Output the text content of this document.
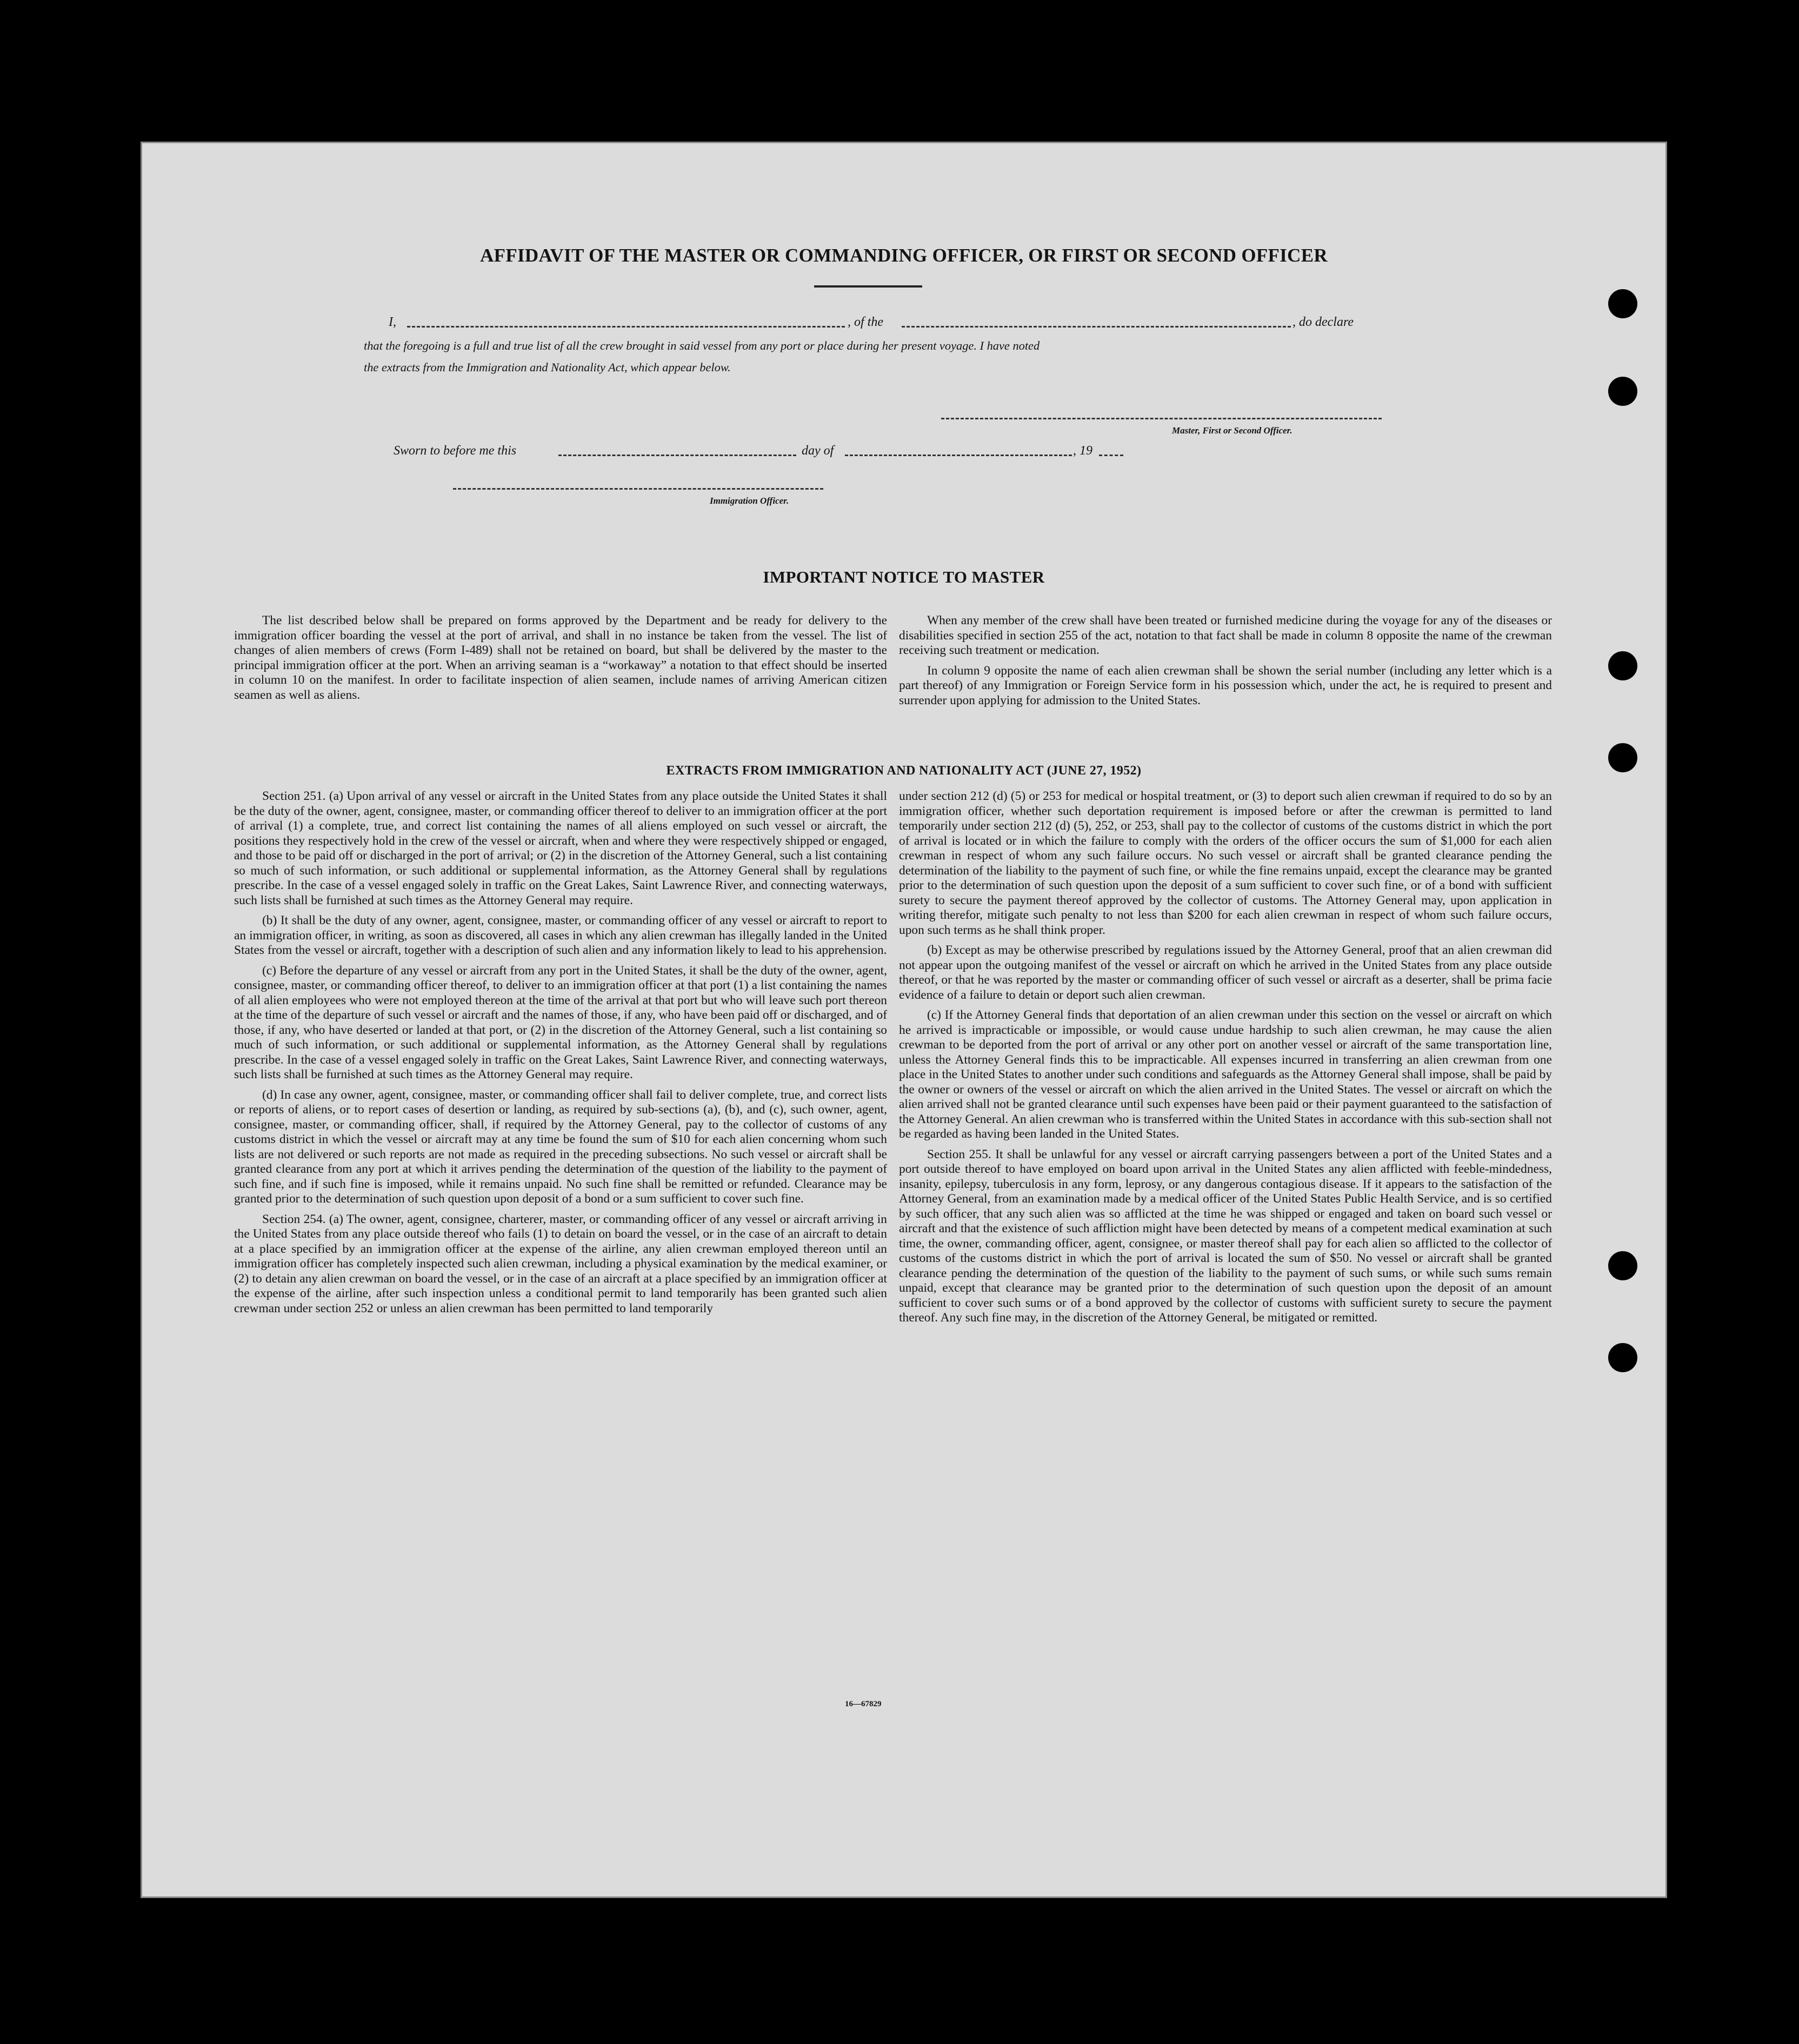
AFFIDAVIT OF THE MASTER OR COMMANDING OFFICER, OR FIRST OR SECOND OFFICER
I,	, of the	, do declare
that the foregoing is a full and true list of all the crew brought in said vessel from any port or place during her present voyage. I have noted
the extracts from the Immigration and Nationality Act, which appear below.
Master, First or Second Officer.
Sworn to before me this	day of	, 19
Immigration Officer.
IMPORTANT NOTICE TO MASTER

The list described below shall be prepared on forms approved by the Department and be ready for delivery to the immigration officer boarding the vessel at the port of arrival, and shall in no instance be taken from the vessel. The list of changes of alien members of crews (Form I-489) shall not be retained on board, but shall be delivered by the master to the principal immigration officer at the port. When an arriving seaman is a “workaway” a notation to that effect should be inserted in column 10 on the manifest. In order to facilitate inspection of alien seamen, include names of arriving American citizen seamen as well as aliens.

When any member of the crew shall have been treated or furnished medicine during the voyage for any of the diseases or disabilities specified in section 255 of the act, notation to that fact shall be made in column 8 opposite the name of the crewman receiving such treatment or medication.

In column 9 opposite the name of each alien crewman shall be shown the serial number (including any letter which is a part thereof) of any Immigration or Foreign Service form in his possession which, under the act, he is required to present and surrender upon applying for admission to the United States.

EXTRACTS FROM IMMIGRATION AND NATIONALITY ACT (JUNE 27, 1952)

Section 251. (a) Upon arrival of any vessel or aircraft in the United States from any place outside the United States it shall be the duty of the owner, agent, consignee, master, or commanding officer thereof to deliver to an immigration officer at the port of arrival (1) a complete, true, and correct list containing the names of all aliens employed on such vessel or aircraft, the positions they respectively hold in the crew of the vessel or aircraft, when and where they were respectively shipped or engaged, and those to be paid off or discharged in the port of arrival; or (2) in the discretion of the Attorney General, such a list containing so much of such information, or such additional or supplemental information, as the Attorney General shall by regulations prescribe. In the case of a vessel engaged solely in traffic on the Great Lakes, Saint Lawrence River, and connecting waterways, such lists shall be furnished at such times as the Attorney General may require.

(b) It shall be the duty of any owner, agent, consignee, master, or commanding officer of any vessel or aircraft to report to an immigration officer, in writing, as soon as discovered, all cases in which any alien crewman has illegally landed in the United States from the vessel or aircraft, together with a description of such alien and any information likely to lead to his apprehension.

(c) Before the departure of any vessel or aircraft from any port in the United States, it shall be the duty of the owner, agent, consignee, master, or commanding officer thereof, to deliver to an immigration officer at that port (1) a list containing the names of all alien employees who were not employed thereon at the time of the arrival at that port but who will leave such port thereon at the time of the departure of such vessel or aircraft and the names of those, if any, who have been paid off or discharged, and of those, if any, who have deserted or landed at that port, or (2) in the discretion of the Attorney General, such a list containing so much of such information, or such additional or supplemental information, as the Attorney General shall by regulations prescribe. In the case of a vessel engaged solely in traffic on the Great Lakes, Saint Lawrence River, and connecting waterways, such lists shall be furnished at such times as the Attorney General may require.

(d) In case any owner, agent, consignee, master, or commanding officer shall fail to deliver complete, true, and correct lists or reports of aliens, or to report cases of desertion or landing, as required by sub-sections (a), (b), and (c), such owner, agent, consignee, master, or commanding officer, shall, if required by the Attorney General, pay to the collector of customs of any customs district in which the vessel or aircraft may at any time be found the sum of $10 for each alien concerning whom such lists are not delivered or such reports are not made as required in the preceding subsections. No such vessel or aircraft shall be granted clearance from any port at which it arrives pending the determination of the question of the liability to the payment of such fine, and if such fine is imposed, while it remains unpaid. No such fine shall be remitted or refunded. Clearance may be granted prior to the determination of such question upon deposit of a bond or a sum sufficient to cover such fine.

Section 254. (a) The owner, agent, consignee, charterer, master, or commanding officer of any vessel or aircraft arriving in the United States from any place outside thereof who fails (1) to detain on board the vessel, or in the case of an aircraft to detain at a place specified by an immigration officer at the expense of the airline, any alien crewman employed thereon until an immigration officer has completely inspected such alien crewman, including a physical examination by the medical examiner, or (2) to detain any alien crewman on board the vessel, or in the case of an aircraft at a place specified by an immigration officer at the expense of the airline, after such inspection unless a conditional permit to land temporarily has been granted such alien crewman under section 252 or unless an alien crewman has been permitted to land temporarily

under section 212 (d) (5) or 253 for medical or hospital treatment, or (3) to deport such alien crewman if required to do so by an immigration officer, whether such deportation requirement is imposed before or after the crewman is permitted to land temporarily under section 212 (d) (5), 252, or 253, shall pay to the collector of customs of the customs district in which the port of arrival is located or in which the failure to comply with the orders of the officer occurs the sum of $1,000 for each alien crewman in respect of whom any such failure occurs. No such vessel or aircraft shall be granted clearance pending the determination of the liability to the payment of such fine, or while the fine remains unpaid, except the clearance may be granted prior to the determination of such question upon the deposit of a sum sufficient to cover such fine, or of a bond with sufficient surety to secure the payment thereof approved by the collector of customs. The Attorney General may, upon application in writing therefor, mitigate such penalty to not less than $200 for each alien crewman in respect of whom such failure occurs, upon such terms as he shall think proper.

(b) Except as may be otherwise prescribed by regulations issued by the Attorney General, proof that an alien crewman did not appear upon the outgoing manifest of the vessel or aircraft on which he arrived in the United States from any place outside thereof, or that he was reported by the master or commanding officer of such vessel or aircraft as a deserter, shall be prima facie evidence of a failure to detain or deport such alien crewman.

(c) If the Attorney General finds that deportation of an alien crewman under this section on the vessel or aircraft on which he arrived is impracticable or impossible, or would cause undue hardship to such alien crewman, he may cause the alien crewman to be deported from the port of arrival or any other port on another vessel or aircraft of the same transportation line, unless the Attorney General finds this to be impracticable. All expenses incurred in transferring an alien crewman from one place in the United States to another under such conditions and safeguards as the Attorney General shall impose, shall be paid by the owner or owners of the vessel or aircraft on which the alien arrived in the United States. The vessel or aircraft on which the alien arrived shall not be granted clearance until such expenses have been paid or their payment guaranteed to the satisfaction of the Attorney General. An alien crewman who is transferred within the United States in accordance with this sub-section shall not be regarded as having been landed in the United States.

Section 255. It shall be unlawful for any vessel or aircraft carrying passengers between a port of the United States and a port outside thereof to have employed on board upon arrival in the United States any alien afflicted with feeble-mindedness, insanity, epilepsy, tuberculosis in any form, leprosy, or any dangerous contagious disease. If it appears to the satisfaction of the Attorney General, from an examination made by a medical officer of the United States Public Health Service, and is so certified by such officer, that any such alien was so afflicted at the time he was shipped or engaged and taken on board such vessel or aircraft and that the existence of such affliction might have been detected by means of a competent medical examination at such time, the owner, commanding officer, agent, consignee, or master thereof shall pay for each alien so afflicted to the collector of customs of the customs district in which the port of arrival is located the sum of $50. No vessel or aircraft shall be granted clearance pending the determination of the question of the liability to the payment of such sums, or while such sums remain unpaid, except that clearance may be granted prior to the determination of such question upon the deposit of an amount sufficient to cover such sums or of a bond approved by the collector of customs with sufficient surety to secure the payment thereof. Any such fine may, in the discretion of the Attorney General, be mitigated or remitted.

16—67829
